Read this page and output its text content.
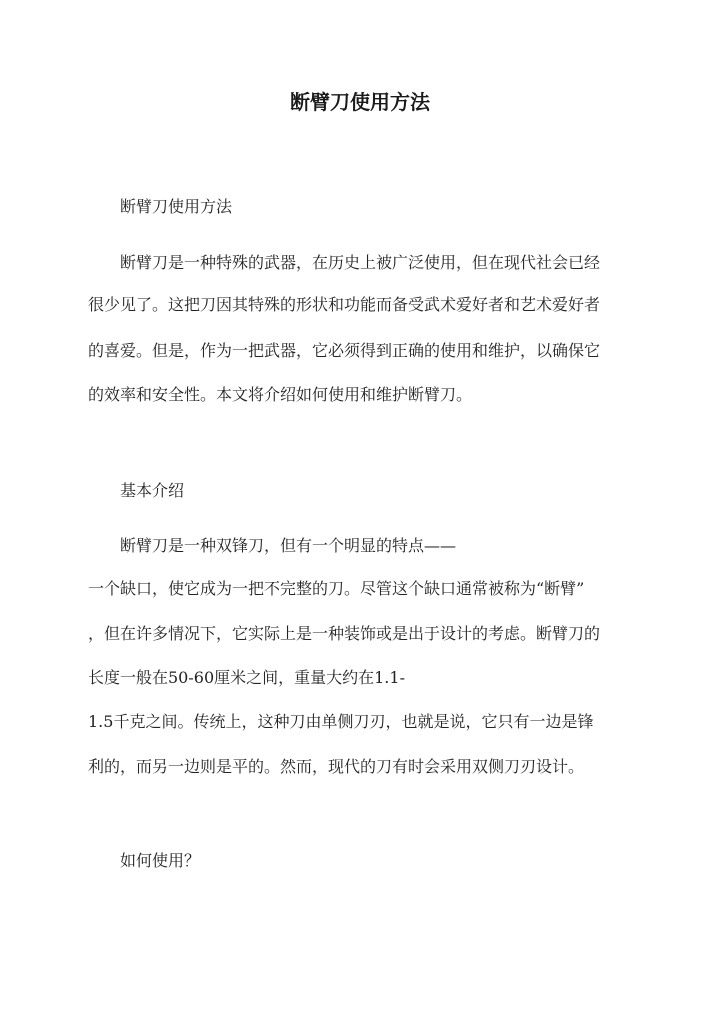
断臂刀使用方法
断臂刀使用方法
断臂刀是一种特殊的武器，在历史上被广泛使用，但在现代社会已经
很少见了。这把刀因其特殊的形状和功能而备受武术爱好者和艺术爱好者
的喜爱。但是，作为一把武器，它必须得到正确的使用和维护，以确保它
的效率和安全性。本文将介绍如何使用和维护断臂刀。
基本介绍
断臂刀是一种双锋刀，但有一个明显的特点——
一个缺口，使它成为一把不完整的刀。尽管这个缺口通常被称为“断臂”
，但在许多情况下，它实际上是一种装饰或是出于设计的考虑。断臂刀的
长度一般在50-60厘米之间，重量大约在1.1-
1.5千克之间。传统上，这种刀由单侧刀刃，也就是说，它只有一边是锋
利的，而另一边则是平的。然而，现代的刀有时会采用双侧刀刃设计。
如何使用？
